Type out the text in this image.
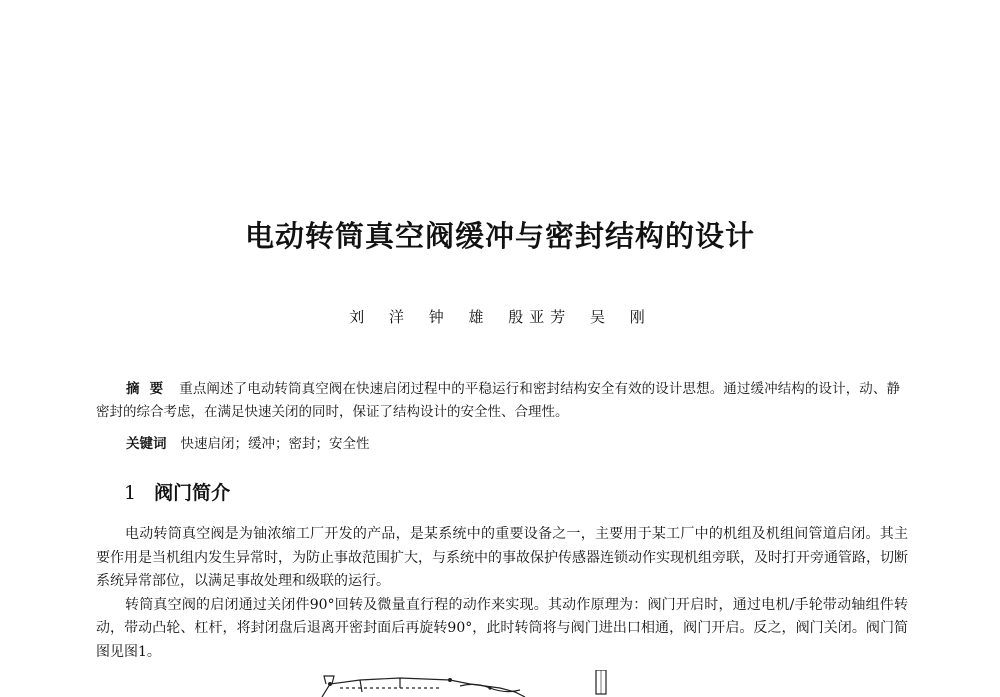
电动转筒真空阀缓冲与密封结构的设计
刘 洋 钟 雄 殷亚芳 吴 刚
摘要 重点阐述了电动转筒真空阀在快速启闭过程中的平稳运行和密封结构安全有效的设计思想。通过缓冲结构的设计，动、静密封的综合考虑，在满足快速关闭的同时，保证了结构设计的安全性、合理性。
关键词 快速启闭；缓冲；密封；安全性
1 阀门简介

电动转筒真空阀是为铀浓缩工厂开发的产品，是某系统中的重要设备之一，主要用于某工厂中的机组及机组间管道启闭。其主要作用是当机组内发生异常时，为防止事故范围扩大，与系统中的事故保护传感器连锁动作实现机组旁联，及时打开旁通管路，切断系统异常部位，以满足事故处理和级联的运行。

转筒真空阀的启闭通过关闭件90°回转及微量直行程的动作来实现。其动作原理为：阀门开启时，通过电机/手轮带动轴组件转动，带动凸轮、杠杆，将封闭盘后退离开密封面后再旋转90°，此时转筒将与阀门进出口相通，阀门开启。反之，阀门关闭。阀门简图见图1。
